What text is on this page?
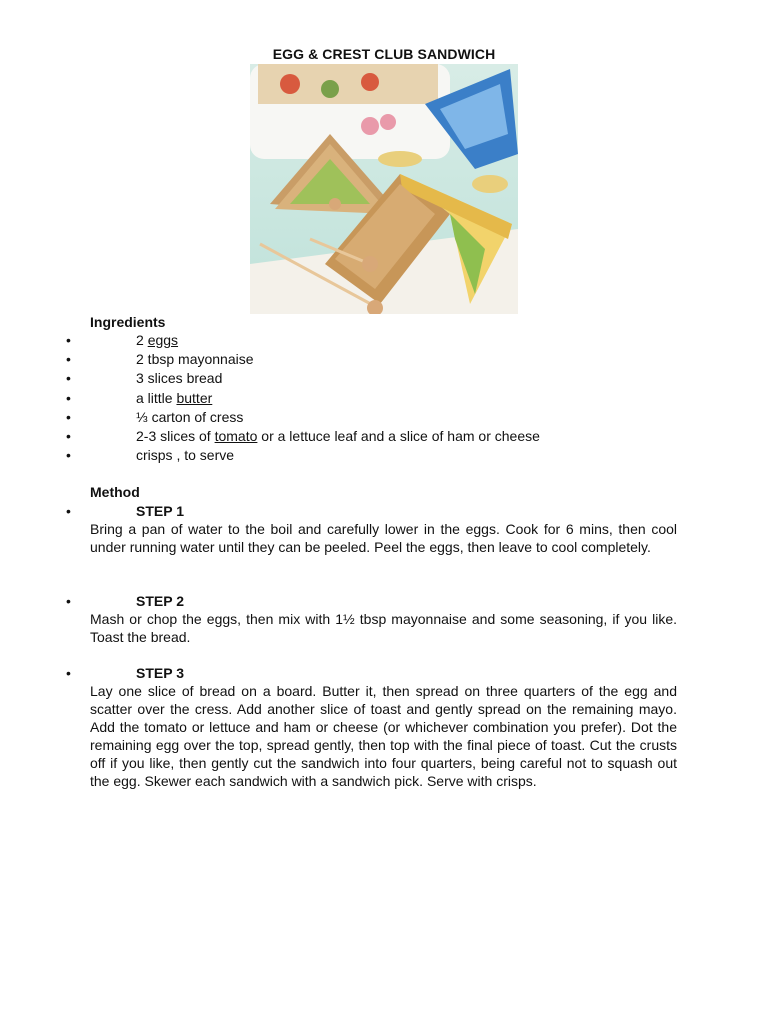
EGG & CREST CLUB SANDWICH
Ingredients
•	2 eggs
•	2 tbsp mayonnaise
•	3 slices bread
•	a little butter
•	⅓ carton of cress
•	2-3 slices of tomato or a lettuce leaf and a slice of ham or cheese
•	crisps , to serve
Method
•	STEP 1
Bring a pan of water to the boil and carefully lower in the eggs. Cook for 6 mins, then cool under running water until they can be peeled. Peel the eggs, then leave to cool completely.
•	STEP 2
Mash or chop the eggs, then mix with 1½ tbsp mayonnaise and some seasoning, if you like. Toast the bread.
•	STEP 3
Lay one slice of bread on a board. Butter it, then spread on three quarters of the egg and scatter over the cress. Add another slice of toast and gently spread on the remaining mayo. Add the tomato or lettuce and ham or cheese (or whichever combination you prefer). Dot the remaining egg over the top, spread gently, then top with the final piece of toast. Cut the crusts off if you like, then gently cut the sandwich into four quarters, being careful not to squash out the egg. Skewer each sandwich with a sandwich pick. Serve with crisps.
